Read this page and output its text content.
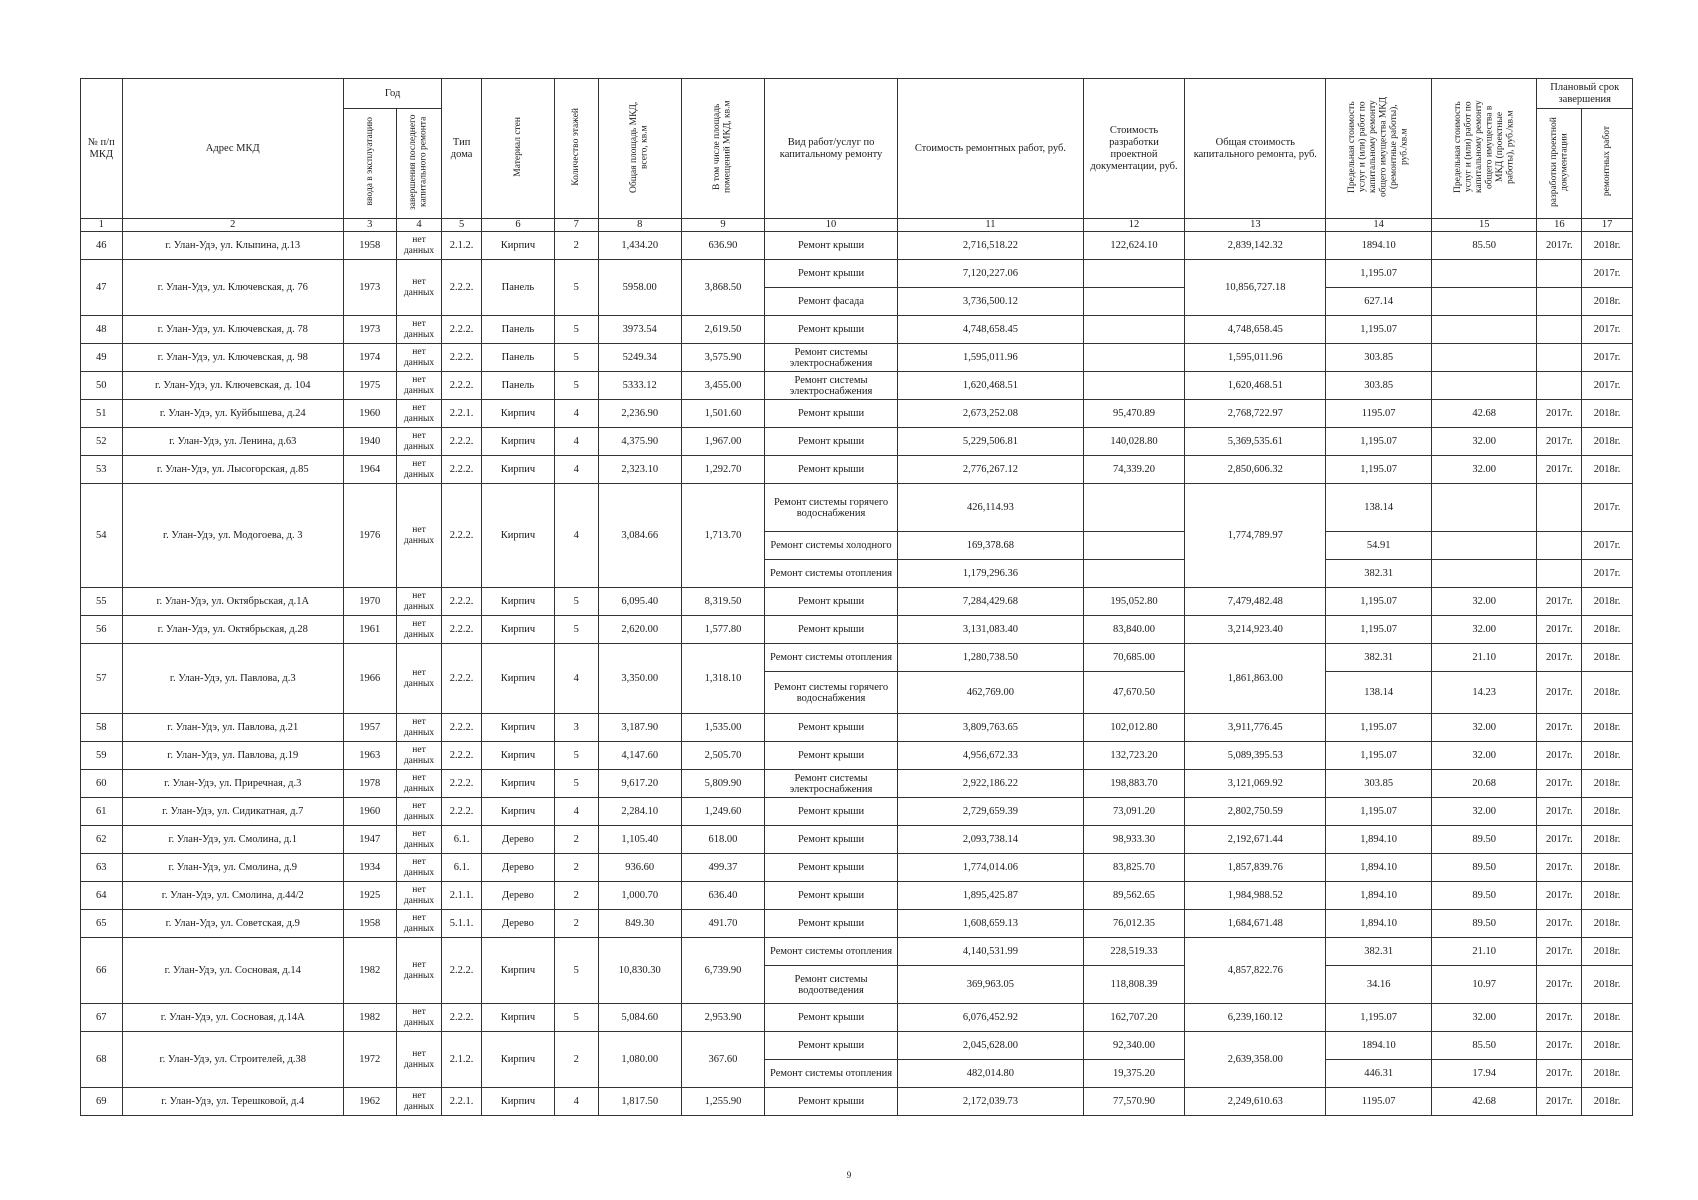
№ п/п МКД	Адрес МКД	Год		Тип дома	Материал стен	Количество этажей	Общая площадь МКД, всего, кв.м	В том числе площадь помещений МКД, кв.м	Вид работ/услуг по капитальному ремонту	Стоимость ремонтных работ, руб.	Стоимость разработки проектной документации, руб.	Общая стоимость капитального ремонта, руб.	Предельная стоимость услуг и (или) работ по капитальному ремонту общего имущества МКД (ремонтные работы), руб./кв.м	Предельная стоимость услуг и (или) работ по капитальному ремонту общего имущества в МКД (проектные работы), руб./кв.м	Плановый срок завершения	
		ввода в эксплуатацию	завершения последнего капитального ремонта												разработки проектной документации	ремонтных работ
1	2	3	4	5	6	7	8	9	10	11	12	13	14	15	16	17
46	г. Улан-Удэ, ул. Клыпина, д.13	1958	нет данных	2.1.2.	Кирпич	2	1,434.20	636.90	Ремонт крыши	2,716,518.22	122,624.10	2,839,142.32	1894.10	85.50	2017г.	2018г.
47	г. Улан-Удэ, ул. Ключевская, д. 76	1973	нет данных	2.2.2.	Панель	5	5958.00	3,868.50	Ремонт крыши	7,120,227.06		10,856,727.18	1,195.07			2017г.
									Ремонт фасада	3,736,500.12			627.14			2018г.
48	г. Улан-Удэ, ул. Ключевская, д. 78	1973	нет данных	2.2.2.	Панель	5	3973.54	2,619.50	Ремонт крыши	4,748,658.45		4,748,658.45	1,195.07			2017г.
49	г. Улан-Удэ, ул. Ключевская, д. 98	1974	нет данных	2.2.2.	Панель	5	5249.34	3,575.90	Ремонт системы электроснабжения	1,595,011.96		1,595,011.96	303.85			2017г.
50	г. Улан-Удэ, ул. Ключевская, д. 104	1975	нет данных	2.2.2.	Панель	5	5333.12	3,455.00	Ремонт системы электроснабжения	1,620,468.51		1,620,468.51	303.85			2017г.
51	г. Улан-Удэ, ул. Куйбышева, д.24	1960	нет данных	2.2.1.	Кирпич	4	2,236.90	1,501.60	Ремонт крыши	2,673,252.08	95,470.89	2,768,722.97	1195.07	42.68	2017г.	2018г.
52	г. Улан-Удэ, ул. Ленина, д.63	1940	нет данных	2.2.2.	Кирпич	4	4,375.90	1,967.00	Ремонт крыши	5,229,506.81	140,028.80	5,369,535.61	1,195.07	32.00	2017г.	2018г.
53	г. Улан-Удэ, ул. Лысогорская, д.85	1964	нет данных	2.2.2.	Кирпич	4	2,323.10	1,292.70	Ремонт крыши	2,776,267.12	74,339.20	2,850,606.32	1,195.07	32.00	2017г.	2018г.
54	г. Улан-Удэ, ул. Модогоева, д. 3	1976	нет данных	2.2.2.	Кирпич	4	3,084.66	1,713.70	Ремонт системы горячего водоснабжения	426,114.93		1,774,789.97	138.14			2017г.
									Ремонт системы холодного	169,378.68			54.91			2017г.
									Ремонт системы отопления	1,179,296.36			382.31			2017г.
55	г. Улан-Удэ, ул. Октябрьская, д.1А	1970	нет данных	2.2.2.	Кирпич	5	6,095.40	8,319.50	Ремонт крыши	7,284,429.68	195,052.80	7,479,482.48	1,195.07	32.00	2017г.	2018г.
56	г. Улан-Удэ, ул. Октябрьская, д.28	1961	нет данных	2.2.2.	Кирпич	5	2,620.00	1,577.80	Ремонт крыши	3,131,083.40	83,840.00	3,214,923.40	1,195.07	32.00	2017г.	2018г.
57	г. Улан-Удэ, ул. Павлова, д.3	1966	нет данных	2.2.2.	Кирпич	4	3,350.00	1,318.10	Ремонт системы отопления	1,280,738.50	70,685.00	1,861,863.00	382.31	21.10	2017г.	2018г.
									Ремонт системы горячего водоснабжения	462,769.00	47,670.50		138.14	14.23	2017г.	2018г.
58	г. Улан-Удэ, ул. Павлова, д.21	1957	нет данных	2.2.2.	Кирпич	3	3,187.90	1,535.00	Ремонт крыши	3,809,763.65	102,012.80	3,911,776.45	1,195.07	32.00	2017г.	2018г.
59	г. Улан-Удэ, ул. Павлова, д.19	1963	нет данных	2.2.2.	Кирпич	5	4,147.60	2,505.70	Ремонт крыши	4,956,672.33	132,723.20	5,089,395.53	1,195.07	32.00	2017г.	2018г.
60	г. Улан-Удэ, ул. Приречная, д.3	1978	нет данных	2.2.2.	Кирпич	5	9,617.20	5,809.90	Ремонт системы электроснабжения	2,922,186.22	198,883.70	3,121,069.92	303.85	20.68	2017г.	2018г.
61	г. Улан-Удэ, ул. Сидикатная, д.7	1960	нет данных	2.2.2.	Кирпич	4	2,284.10	1,249.60	Ремонт крыши	2,729,659.39	73,091.20	2,802,750.59	1,195.07	32.00	2017г.	2018г.
62	г. Улан-Удэ, ул. Смолина, д.1	1947	нет данных	6.1.	Дерево	2	1,105.40	618.00	Ремонт крыши	2,093,738.14	98,933.30	2,192,671.44	1,894.10	89.50	2017г.	2018г.
63	г. Улан-Удэ, ул. Смолина, д.9	1934	нет данных	6.1.	Дерево	2	936.60	499.37	Ремонт крыши	1,774,014.06	83,825.70	1,857,839.76	1,894.10	89.50	2017г.	2018г.
64	г. Улан-Удэ, ул. Смолина, д.44/2	1925	нет данных	2.1.1.	Дерево	2	1,000.70	636.40	Ремонт крыши	1,895,425.87	89,562.65	1,984,988.52	1,894.10	89.50	2017г.	2018г.
65	г. Улан-Удэ, ул. Советская, д.9	1958	нет данных	5.1.1.	Дерево	2	849.30	491.70	Ремонт крыши	1,608,659.13	76,012.35	1,684,671.48	1,894.10	89.50	2017г.	2018г.
66	г. Улан-Удэ, ул. Сосновая, д.14	1982	нет данных	2.2.2.	Кирпич	5	10,830.30	6,739.90	Ремонт системы отопления	4,140,531.99	228,519.33	4,857,822.76	382.31	21.10	2017г.	2018г.
									Ремонт системы водоотведения	369,963.05	118,808.39		34.16	10.97	2017г.	2018г.
67	г. Улан-Удэ, ул. Сосновая, д.14А	1982	нет данных	2.2.2.	Кирпич	5	5,084.60	2,953.90	Ремонт крыши	6,076,452.92	162,707.20	6,239,160.12	1,195.07	32.00	2017г.	2018г.
68	г. Улан-Удэ, ул. Строителей, д.38	1972	нет данных	2.1.2.	Кирпич	2	1,080.00	367.60	Ремонт крыши	2,045,628.00	92,340.00	2,639,358.00	1894.10	85.50	2017г.	2018г.
									Ремонт системы отопления	482,014.80	19,375.20		446.31	17.94	2017г.	2018г.
69	г. Улан-Удэ, ул. Терешковой, д.4	1962	нет данных	2.2.1.	Кирпич	4	1,817.50	1,255.90	Ремонт крыши	2,172,039.73	77,570.90	2,249,610.63	1195.07	42.68	2017г.	2018г.
9
